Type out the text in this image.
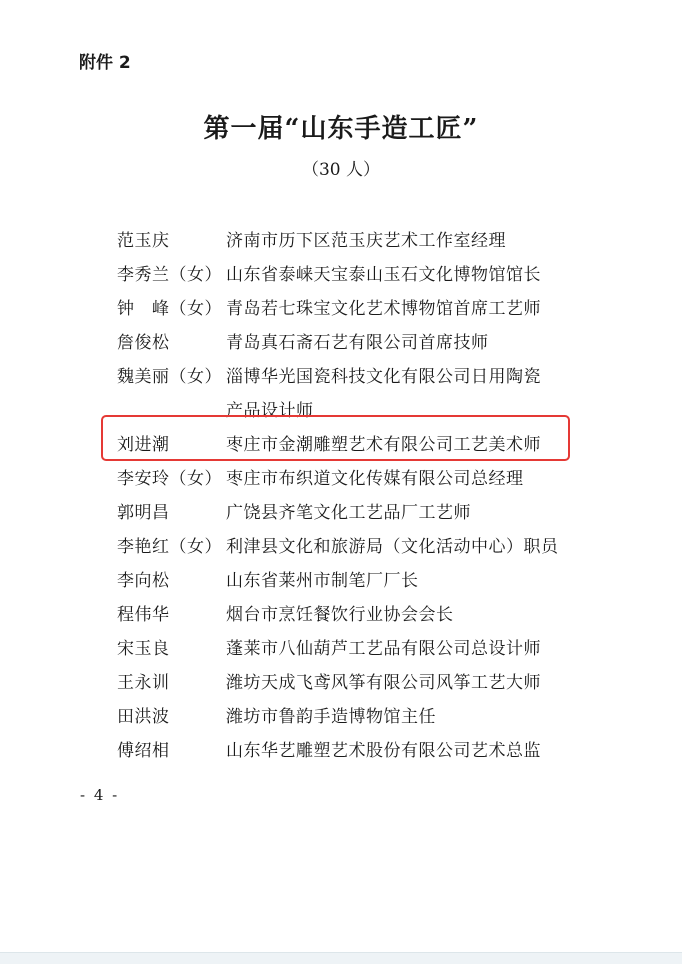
附件 2
第一届“山东手造工匠”
（30 人）
范玉庆	济南市历下区范玉庆艺术工作室经理
李秀兰（女） 山东省泰崃天宝泰山玉石文化博物馆馆长
钟　峰（女） 青岛若七珠宝文化艺术博物馆首席工艺师
詹俊松	青岛真石斋石艺有限公司首席技师
魏美丽（女） 淄博华光国瓷科技文化有限公司日用陶瓷
产品设计师
刘进潮	枣庄市金潮雕塑艺术有限公司工艺美术师
李安玲（女） 枣庄市布织道文化传媒有限公司总经理
郭明昌	广饶县齐笔文化工艺品厂工艺师
李艳红（女） 利津县文化和旅游局（文化活动中心）职员
李向松	山东省莱州市制笔厂厂长
程伟华	烟台市烹饪餐饮行业协会会长
宋玉良	蓬莱市八仙葫芦工艺品有限公司总设计师
王永训	潍坊天成飞鸢风筝有限公司风筝工艺大师
田洪波	潍坊市鲁韵手造博物馆主任
傅绍相	山东华艺雕塑艺术股份有限公司艺术总监
- 4 -
